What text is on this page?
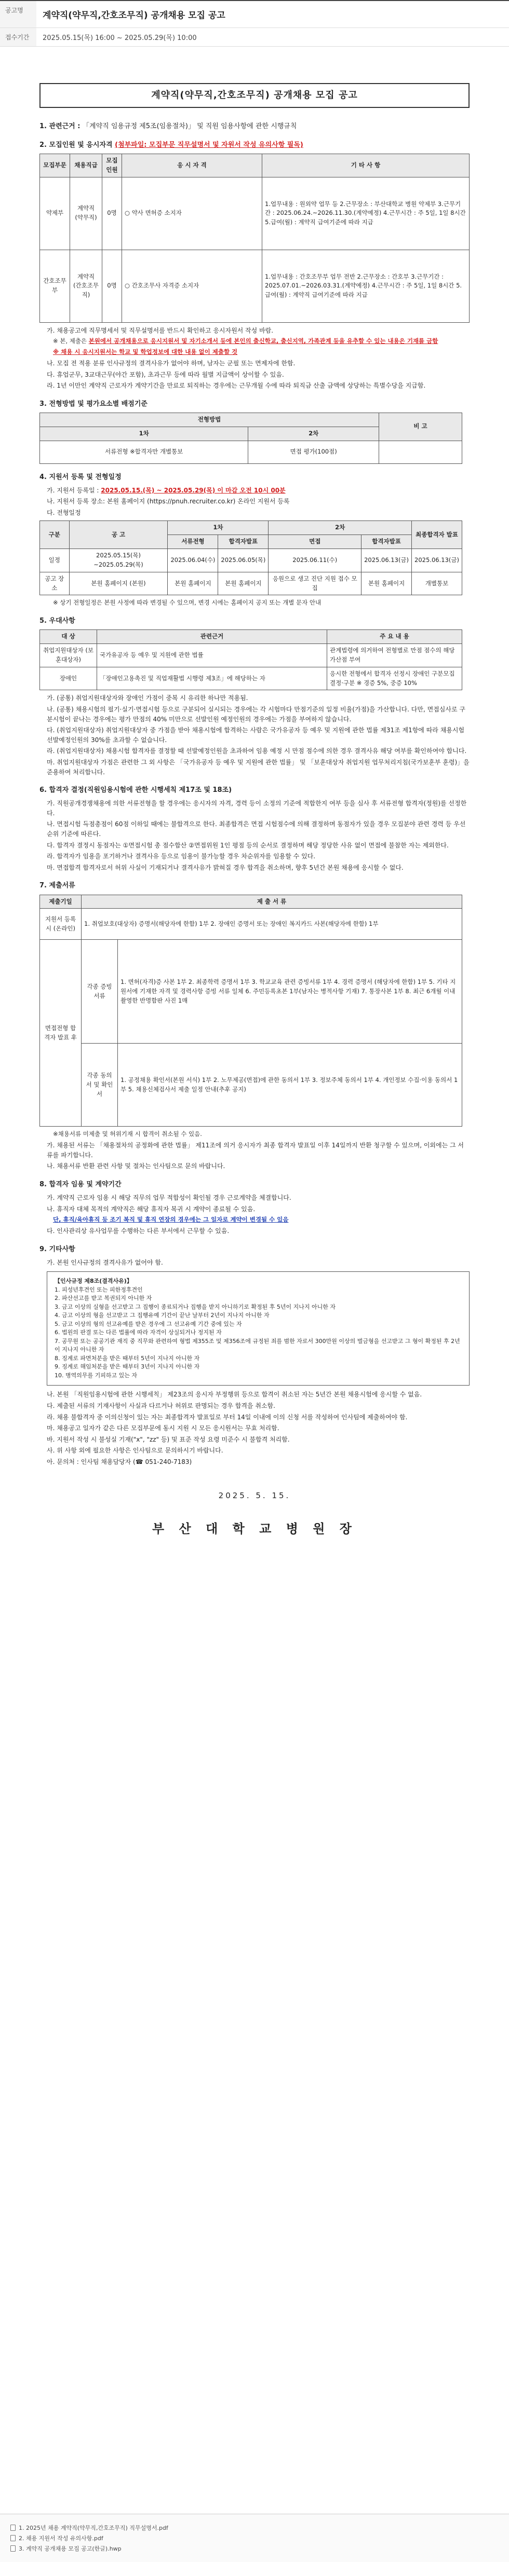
공고명	계약직(약무직,간호조무직) 공개채용 모집 공고
접수기간	2025.05.15(목) 16:00 ~ 2025.05.29(목) 10:00
계약직(약무직,간호조무직) 공개채용 모집 공고
1. 관련근거 : 「계약직 임용규정 제5조(임용절차)」 및 직원 임용사항에 관한 시행규칙
2. 모집인원 및 응시자격 (첨부파일: 모집부문 직무설명서 및 자원서 작성 유의사항 필독)
모집부문	채용직급	모집인원	응 시 자 격	기 타 사 항
약제부	계약직 (약무직)	0명	○ 약사 면허증 소지자	1.업무내용 : 원외약 업무 등 2.근무장소 : 부산대학교 병원 약제부 3.근무기간 : 2025.06.24.~2026.11.30.(계약예정) 4.근무시간 : 주 5일, 1일 8시간 5.급여(월) : 계약직 급여기준에 따라 지급
간호조무부	계약직 (간호조무직)	0명	○ 간호조무사 자격증 소지자	1.업무내용 : 간호조무부 업무 전반 2.근무장소 : 간호부 3.근무기간 : 2025.07.01.~2026.03.31.(계약예정) 4.근무시간 : 주 5일, 1일 8시간 5.급여(월) : 계약직 급여기준에 따라 지급
가. 채용공고에 직무명세서 및 직무설명서를 반드시 확인하고 응시자원서 작성 바람.
※ 본, 제출은 본원에서 공개채용으로 응시지원서 및 자기소개서 등에 본인의 출신학교, 출신지역, 가족관계 등을 유추할 수 있는 내용은 기재를 금함
※ 채용 시 응시지원서는 학교 및 학업정보에 대한 내용 없이 제출할 것
나. 모집 전 적용 분류 인사규정의 결격사유가 없어야 하며, 남자는 군필 또는 면제자에 한함.
다. 휴업군무, 3교대근무(야간 포함), 초과근무 등에 따라 월별 지급액이 상이할 수 있음.
라. 1년 이만인 계약직 근로자가 계약기간을 만료로 퇴직하는 경우에는 근무개월 수에 따라 퇴직금 산출 금액에 상당하는 특별수당을 지급함.
3. 전형방법 및 평가요소별 배점기준
전형방법		비 고
1차	2차	
서류전형 ※합격자만 개별통보	면접 평가(100점)	
4. 지원서 등록 및 전형일정
가. 지원서 등록일 : 2025.05.15.(목) ~ 2025.05.29(목) 이 마감 오전 10시 00분
나. 지원서 등록 장소: 본원 홈페이지 (https://pnuh.recruiter.co.kr) 온라인 지원서 등록
다. 전형일정
구분	공 고	1차		2차		최종합격자 발표
		서류전형	합격자발표	면접	합격자발표	
일정	2025.05.15(목) ~2025.05.29(목)	2025.06.04(수)	2025.06.05(목)	2025.06.11(수)	2025.06.13(금)	2025.06.13(금)
공고 장소	본원 홈페이지 (본원)	본원 홈페이지	본원 홈페이지	응원으로 생고 진단 지원 접수 모집	본원 홈페이지	개별통보
※ 상기 전형일정은 본원 사정에 따라 변경될 수 있으며, 변경 시에는 홈페이지 공지 또는 개별 문자 안내
5. 우대사항
대 상	관련근거	주 요 내 용
취업지원대상자 (보훈대상자)	국가유공자 등 예우 및 지원에 관한 법률	관계법령에 의거하여 전형별로 만점 점수의 해당 가산점 부여
장애인	「장애인고용촉진 및 직업재활법 시행령 제3조」에 해당하는 자	응시한 전형에서 합격자 선정시 장애인 구분모집 결정·구분 ※ 경증 5%, 중증 10%
가. (공통) 취업지원대상자와 장애인 가점이 중복 시 유리한 하나만 적용됨.
나. (공통) 채용시험의 필기·실기·면접시험 등으로 구분되어 실시되는 경우에는 각 시험마다 만점기준의 일정 비율(가점)을 가산합니다. 다만, 면접심사로 구분시험이 끝나는 경우에는 평가 만점의 40% 미만으로 선발인원 예정인원의 경우에는 가점을 부여하지 않습니다.
다. (취업지원대상자) 취업지원대상자 중 가점을 받아 채용시험에 합격하는 사람은 국가유공자 등 예우 및 지원에 관한 법률 제31조 제1항에 따라 채용시험 선발예정인원의 30%를 초과할 수 없습니다.
라. (취업지원대상자) 채용시험 합격자를 결정할 때 선발예정인원을 초과하여 임용 예정 시 만점 점수에 의한 경우 결격사유 해당 여부를 확인하여야 합니다.
마. 취업지원대상자 가점은 관련한 그 외 사항은 「국가유공자 등 예우 및 지원에 관한 법률」 및 「보훈대상자 취업지원 업무처리지침(국가보훈부 훈령)」을 준용하여 처리합니다.
6. 합격자 결정(직원임용시험에 관한 시행세칙 제17조 및 18조)
가. 직원공개경쟁채용에 의한 서류전형을 할 경우에는 응시자의 자격, 경력 등이 소정의 기준에 적합한지 여부 등을 심사 후 서류전형 합격자(정원)를 선정한다.
나. 면접시험 득점총점이 60점 이하일 때에는 불합격으로 한다. 최종합격은 면접 시험점수에 의해 결정하며 동점자가 있을 경우 모집분야 관련 경력 등 우선순위 기준에 따른다.
다. 합격자 결정시 동점자는 ①면접시험 총 점수합산 ②면접위원 1인 평점 등의 순서로 결정하며 해당 정당한 사유 없이 면접에 불참한 자는 제외한다.
라. 합격자가 임용을 포기하거나 결격사유 등으로 임용이 불가능할 경우 차순위자를 임용할 수 있다.
마. 면접합격 합격자로서 허위 사실이 기재되거나 결격사유가 밝혀질 경우 합격을 취소하며, 향후 5년간 본원 채용에 응시할 수 없다.
7. 제출서류
제출기일	제 출 서 류	
지원서 등록시 (온라인)	1. 취업보호(대상자) 증명서(해당자에 한함) 1부 2. 장애인 증명서 또는 장애인 복지카드 사본(해당자에 한함) 1부	
면접전형 합격자 발표 후	각종 증빙 서류	1. 면허(자격)증 사본 1부 2. 최종학력 증명서 1부 3. 학교교육 관련 증빙서류 1부 4. 경력 증명서 (해당자에 한함) 1부 5. 기타 지원서에 기재한 자격 및 경력사항 증빙 서류 일체 6. 주민등록초본 1부(남자는 병적사항 기재) 7. 통장사본 1부 8. 최근 6개월 이내 촬영한 반명함판 사진 1매
	각종 동의서 및 확인서	1. 공정채용 확인서(본원 서식) 1부 2. 노무제공(면접)에 관한 동의서 1부 3. 정보주체 동의서 1부 4. 개인정보 수집·이용 동의서 1부 5. 채용신체검사서 제출 일정 안내(추후 공지)
※채용서류 미제출 및 허위기재 시 합격이 취소될 수 있음.
가. 채용된 서류는 「채용절차의 공정화에 관한 법률」 제11조에 의거 응시자가 최종 합격자 발표일 이후 14일까지 반환 청구할 수 있으며, 이외에는 그 서류를 파기합니다.
나. 채용서류 반환 관련 사항 및 절차는 인사팀으로 문의 바랍니다.
8. 합격자 임용 및 계약기간
가. 계약직 근로자 임용 시 해당 직무의 업무 적합성이 확인될 경우 근로계약을 체결합니다.
나. 휴직자 대체 목적의 계약직은 해당 휴직자 복귀 시 계약이 종료될 수 있음.
단, 휴직/육아휴직 등 조기 복직 및 휴직 연장의 경우에는 그 일자로 계약이 변경될 수 있음
다. 인사관리상 유사업무를 수행하는 다른 부서에서 근무할 수 있음.
9. 기타사항
가. 본원 인사규정의 결격사유가 없어야 함.
【인사규정 제8조(결격사유)】
1. 피성년후견인 또는 피한정후견인
2. 파산선고를 받고 복권되지 아니한 자
3. 금고 이상의 실형을 선고받고 그 집행이 종료되거나 집행을 받지 아니하기로 확정된 후 5년이 지나지 아니한 자
4. 금고 이상의 형을 선고받고 그 집행유예 기간이 끝난 날부터 2년이 지나지 아니한 자
5. 금고 이상의 형의 선고유예를 받은 경우에 그 선고유예 기간 중에 있는 자
6. 법원의 판결 또는 다른 법률에 따라 자격이 상실되거나 정지된 자
7. 공무원 또는 공공기관 재직 중 직무와 관련하여 형법 제355조 및 제356조에 규정된 죄를 범한 자로서 300만원 이상의 벌금형을 선고받고 그 형이 확정된 후 2년이 지나지 아니한 자
8. 징계로 파면처분을 받은 때부터 5년이 지나지 아니한 자
9. 징계로 해임처분을 받은 때부터 3년이 지나지 아니한 자
10. 병역의무를 기피하고 있는 자
나. 본원 「직원임용시험에 관한 시행세칙」 제23조의 응시자 부정행위 등으로 합격이 취소된 자는 5년간 본원 채용시험에 응시할 수 없음.
다. 제출된 서류의 기재사항이 사실과 다르거나 허위로 판명되는 경우 합격을 취소함.
라. 채용 불합격자 중 이의신청이 있는 자는 최종합격자 발표일로 부터 14일 이내에 이의 신청 서를 작성하여 인사팀에 제출하여야 함.
마. 채용공고 일자가 같은 다른 모집부문에 동시 지원 시 모든 응시원서는 무효 처리함.
바. 지원서 작성 시 불성실 기재("x", "zz" 등) 및 표준 작성 요령 미준수 시 불합격 처리함.
사. 위 사항 외에 필요한 사항은 인사팀으로 문의하시기 바랍니다.
아. 문의처 : 인사팀 채용담당자 (☎ 051-240-7183)
2025. 5. 15.
부 산 대 학 교 병 원 장
1. 2025년 채용 계약직(약무직,간호조무직) 직무설명서.pdf
2. 채용 지원서 작성 유의사항.pdf
3. 계약직 공개채용 모집 공고(한글).hwp
